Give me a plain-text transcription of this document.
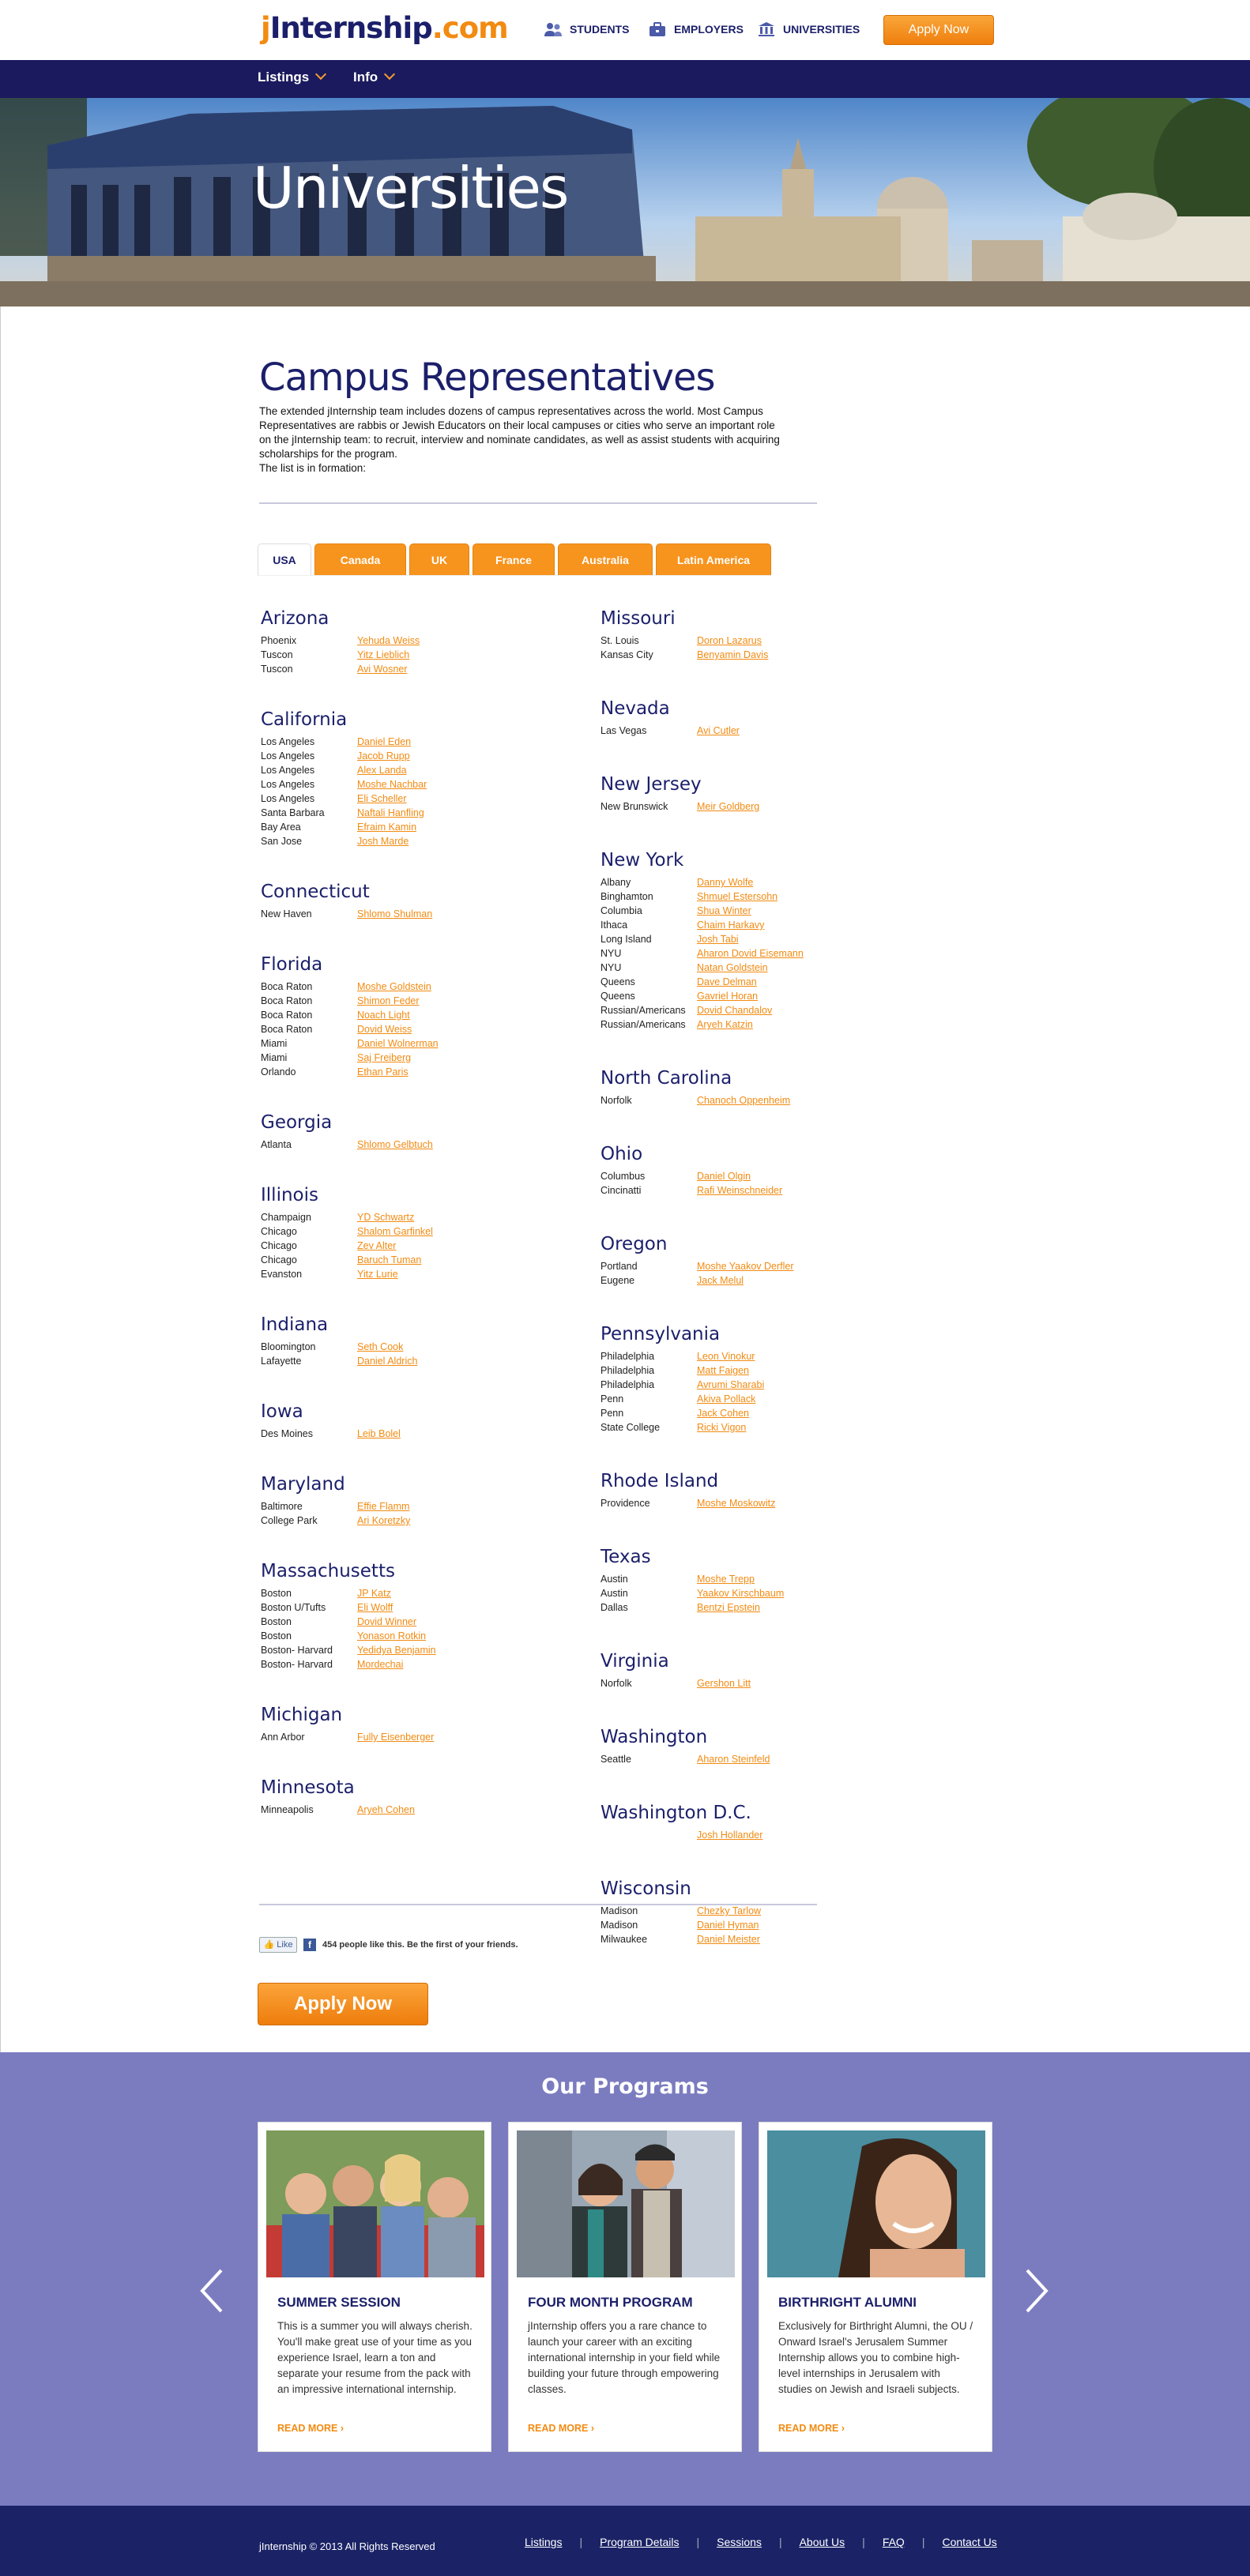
jInternship.com	STUDENTS	EMPLOYERS	UNIVERSITIES	Apply Now
Listings	Info
Universities
Campus Representatives
The extended jInternship team includes dozens of campus representatives across the world. Most Campus Representatives are rabbis or Jewish Educators on their local campuses or cities who serve an important role on the jInternship team: to recruit, interview and nominate candidates, as well as assist students with acquiring scholarships for the program.
The list is in formation:
USA	Canada	UK	France	Australia	Latin America
Arizona
Phoenix	Yehuda Weiss
Tuscon	Yitz Lieblich
Tuscon	Avi Wosner
California
Los Angeles	Daniel Eden
Los Angeles	Jacob Rupp
Los Angeles	Alex Landa
Los Angeles	Moshe Nachbar
Los Angeles	Eli Scheller
Santa Barbara	Naftali Hanfling
Bay Area	Efraim Kamin
San Jose	Josh Marde
Connecticut
New Haven	Shlomo Shulman
Florida
Boca Raton	Moshe Goldstein
Boca Raton	Shimon Feder
Boca Raton	Noach Light
Boca Raton	Dovid Weiss
Miami	Daniel Wolnerman
Miami	Saj Freiberg
Orlando	Ethan Paris
Georgia
Atlanta	Shlomo Gelbtuch
Illinois
Champaign	YD Schwartz
Chicago	Shalom Garfinkel
Chicago	Zev Alter
Chicago	Baruch Tuman
Evanston	Yitz Lurie
Indiana
Bloomington	Seth Cook
Lafayette	Daniel Aldrich
Iowa
Des Moines	Leib Bolel
Maryland
Baltimore	Effie Flamm
College Park	Ari Koretzky
Massachusetts
Boston	JP Katz
Boston U/Tufts	Eli Wolff
Boston	Dovid Winner
Boston	Yonason Rotkin
Boston- Harvard	Yedidya Benjamin
Boston- Harvard	Mordechai
Michigan
Ann Arbor	Fully Eisenberger
Minnesota
Minneapolis	Aryeh Cohen
Missouri
St. Louis	Doron Lazarus
Kansas City	Benyamin Davis
Nevada
Las Vegas	Avi Cutler
New Jersey
New Brunswick	Meir Goldberg
New York
Albany	Danny Wolfe
Binghamton	Shmuel Estersohn
Columbia	Shua Winter
Ithaca	Chaim Harkavy
Long Island	Josh Tabi
NYU	Aharon Dovid Eisemann
NYU	Natan Goldstein
Queens	Dave Delman
Queens	Gavriel Horan
Russian/Americans	Dovid Chandalov
Russian/Americans	Aryeh Katzin
North Carolina
Norfolk	Chanoch Oppenheim
Ohio
Columbus	Daniel Olgin
Cincinatti	Rafi Weinschneider
Oregon
Portland	Moshe Yaakov Derfler
Eugene	Jack Melul
Pennsylvania
Philadelphia	Leon Vinokur
Philadelphia	Matt Faigen
Philadelphia	Avrumi Sharabi
Penn	Akiva Pollack
Penn	Jack Cohen
State College	Ricki Vigon
Rhode Island
Providence	Moshe Moskowitz
Texas
Austin	Moshe Trepp
Austin	Yaakov Kirschbaum
Dallas	Bentzi Epstein
Virginia
Norfolk	Gershon Litt
Washington
Seattle	Aharon Steinfeld
Washington D.C.
Josh Hollander
Wisconsin
Madison	Chezky Tarlow
Madison	Daniel Hyman
Milwaukee	Daniel Meister
👍 Like	f	454 people like this. Be the first of your friends.
Apply Now
Our Programs
SUMMER SESSION
This is a summer you will always cherish. You'll make great use of your time as you experience Israel, learn a ton and separate your resume from the pack with an impressive international internship.
READ MORE ›
FOUR MONTH PROGRAM
jInternship offers you a rare chance to launch your career with an exciting international internship in your field while building your future through empowering classes.
READ MORE ›
BIRTHRIGHT ALUMNI
Exclusively for Birthright Alumni, the OU / Onward Israel's Jerusalem Summer Internship allows you to combine high-level internships in Jerusalem with studies on Jewish and Israeli subjects.
READ MORE ›
jInternship © 2013 All Rights Reserved	Listings | Program Details | Sessions | About Us | FAQ | Contact Us
